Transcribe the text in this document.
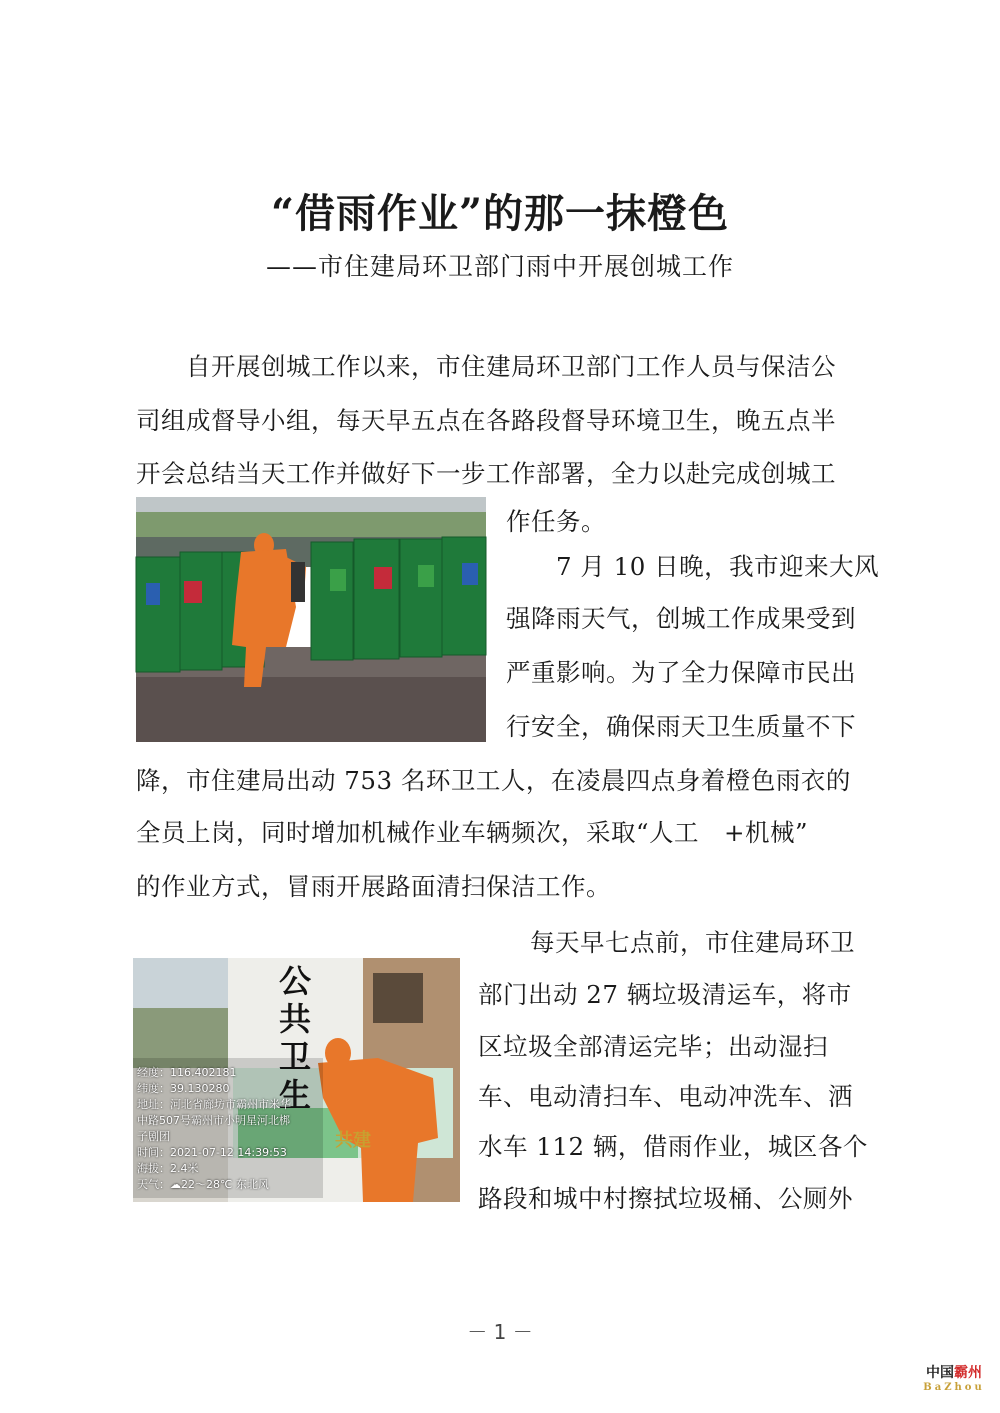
“借雨作业”的那一抹橙色
——市住建局环卫部门雨中开展创城工作
自开展创城工作以来，市住建局环卫部门工作人员与保洁公
司组成督导小组，每天早五点在各路段督导环境卫生，晚五点半
开会总结当天工作并做好下一步工作部署，全力以赴完成创城工
作任务。
7 月 10 日晚，我市迎来大风
强降雨天气，创城工作成果受到
严重影响。为了全力保障市民出
行安全，确保雨天卫生质量不下
降，市住建局出动 753 名环卫工人，在凌晨四点身着橙色雨衣的
全员上岗，同时增加机械作业车辆频次，采取“人工　+机械”
的作业方式，冒雨开展路面清扫保洁工作。
每天早七点前，市住建局环卫
部门出动 27 辆垃圾清运车，将市
区垃圾全部清运完毕；出动湿扫
车、电动清扫车、电动冲洗车、洒
水车 112 辆，借雨作业，城区各个
路段和城中村擦拭垃圾桶、公厕外
公共卫生
共建
经度：116.402181
纬度：39.130280
地址：河北省廊坊市霸州市米华
中路507号霸州市小明星河北梆
子剧团
时间：2021-07-12 14:39:53
海拔：2.4米
天气：☁22～28℃ 东北风
－ 1 －
中国霸州
BaZhou
